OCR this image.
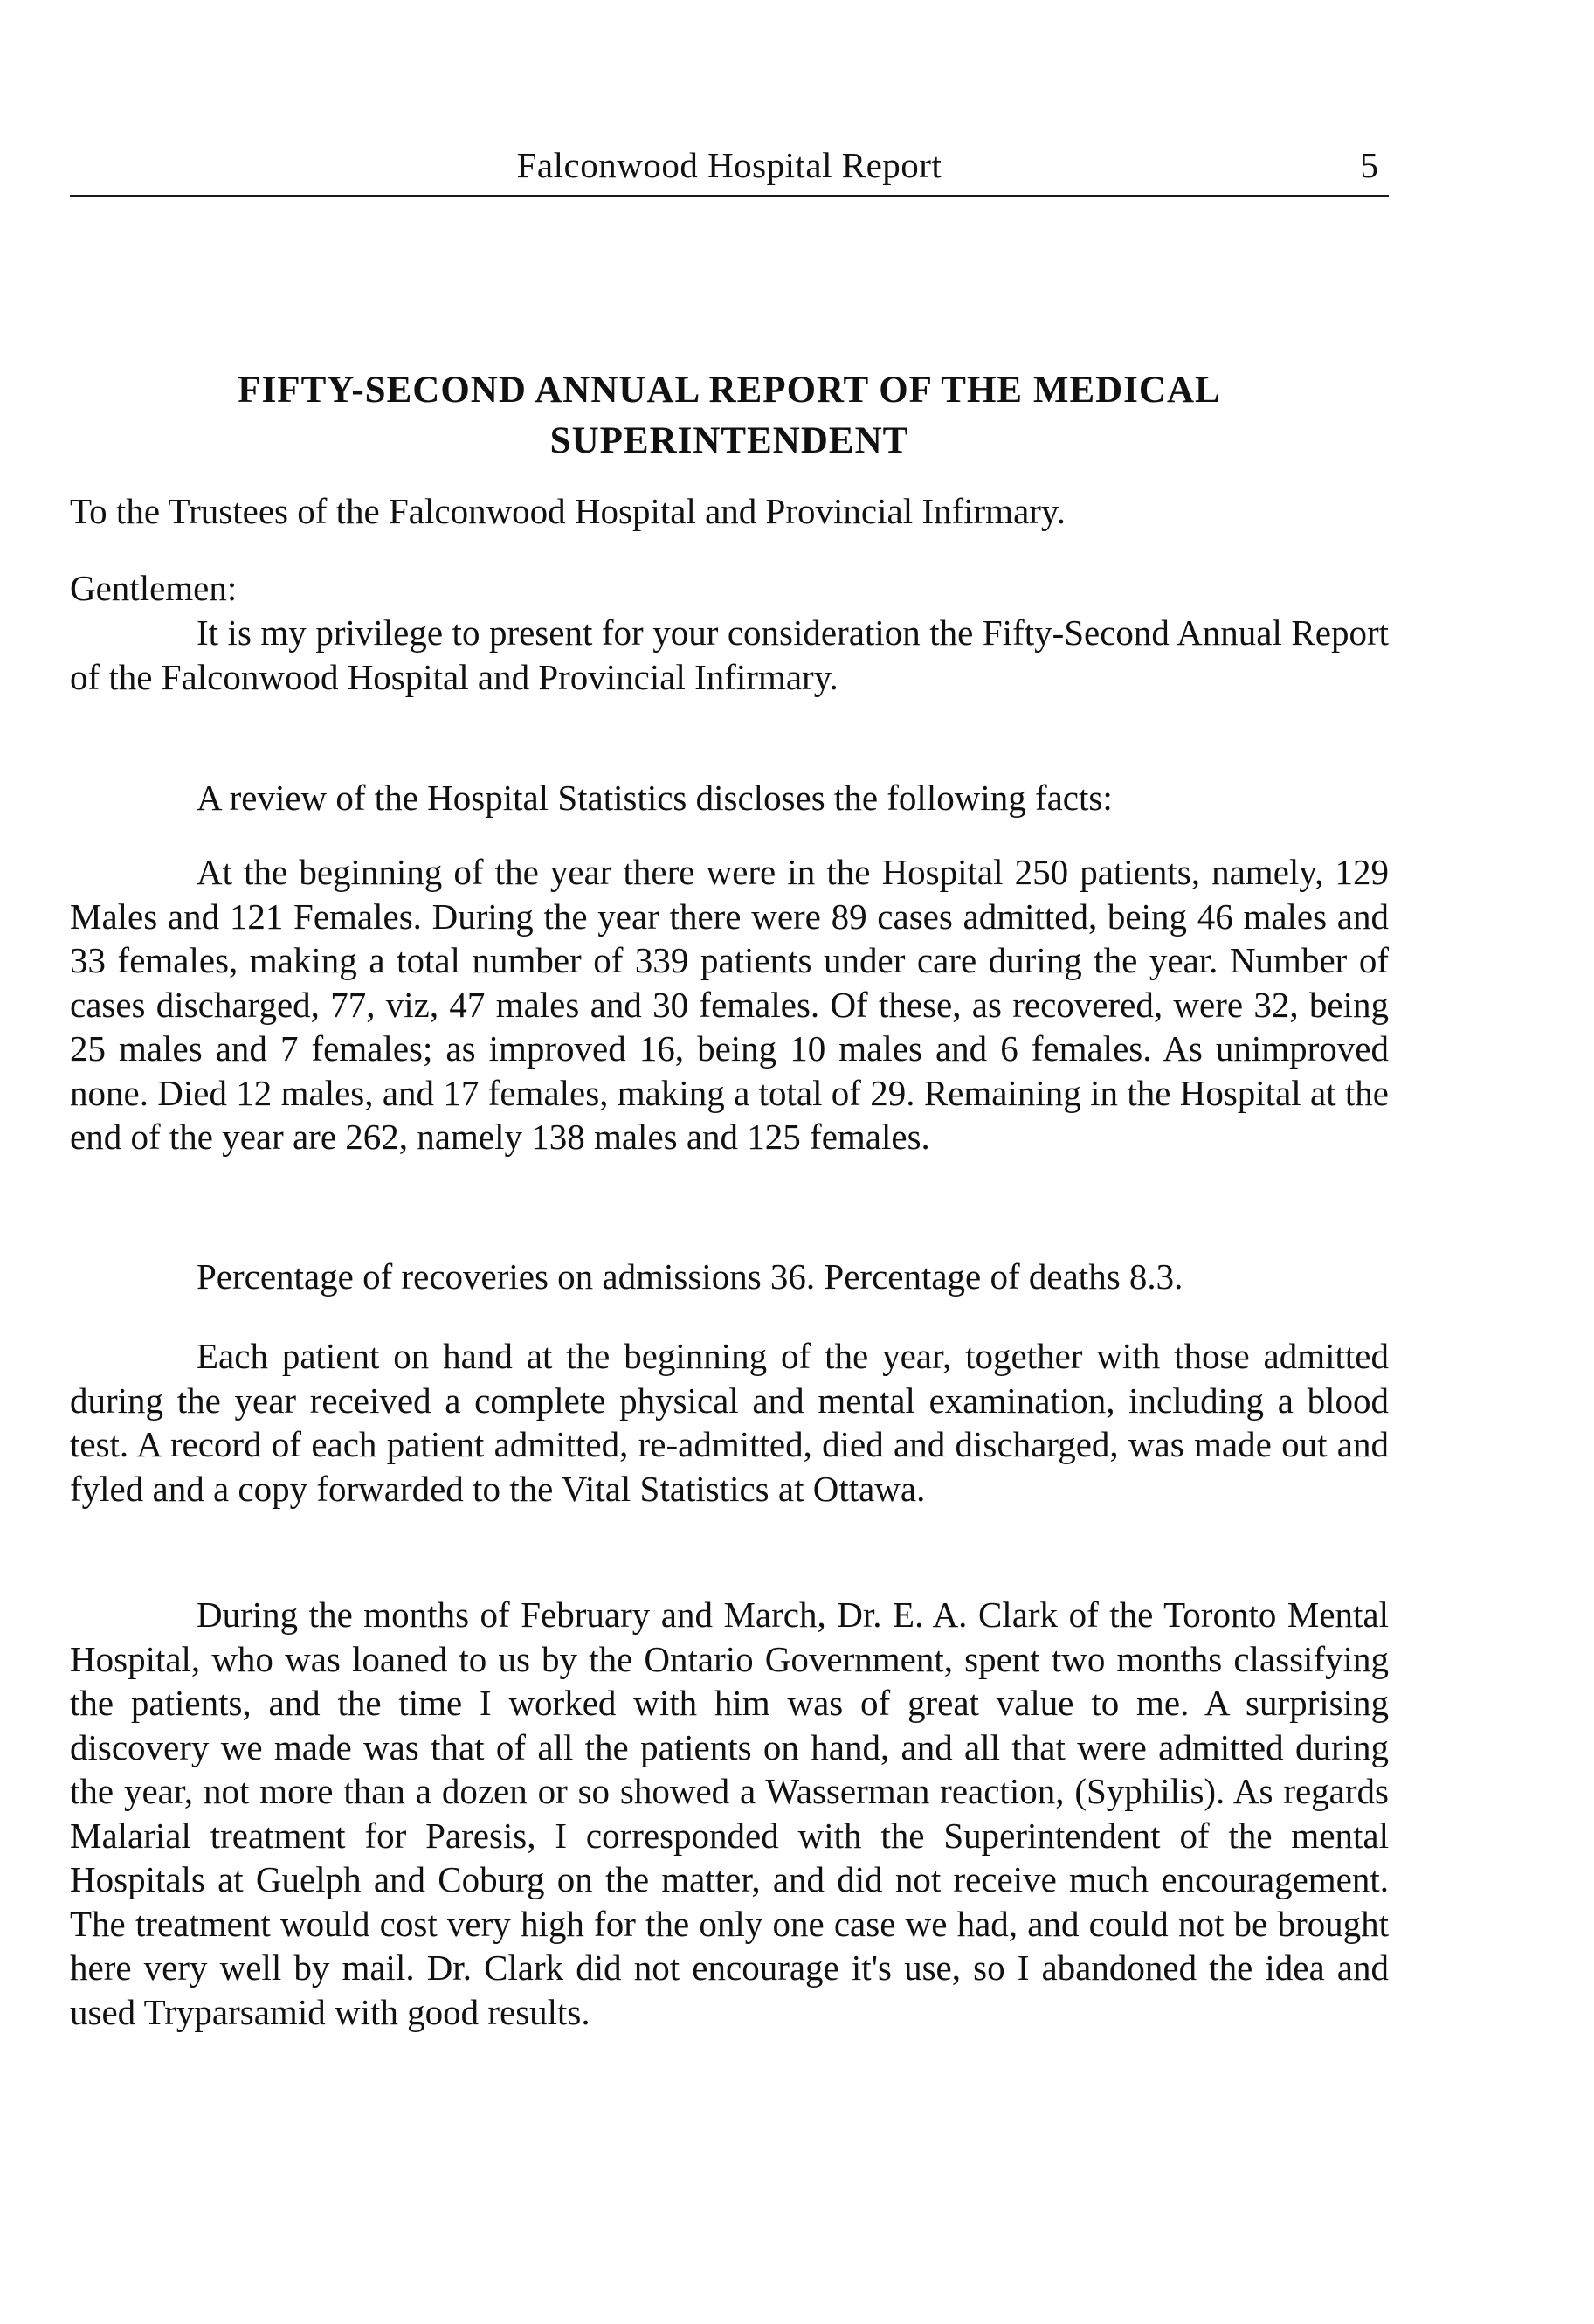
Falconwood Hospital Report	5
FIFTY-SECOND ANNUAL REPORT OF THE MEDICAL
SUPERINTENDENT
To the Trustees of the Falconwood Hospital and Provincial Infirmary.
Gentlemen:
It is my privilege to present for your consideration the Fifty-Second Annual Report of the Falconwood Hospital and Provincial Infirmary.
A review of the Hospital Statistics discloses the following facts:
At the beginning of the year there were in the Hospital 250 patients, namely, 129 Males and 121 Females. During the year there were 89 cases admitted, being 46 males and 33 females, making a total number of 339 patients under care during the year. Number of cases discharged, 77, viz, 47 males and 30 females. Of these, as recovered, were 32, being 25 males and 7 females; as improved 16, being 10 males and 6 females. As unimproved none. Died 12 males, and 17 females, making a total of 29. Remaining in the Hospital at the end of the year are 262, namely 138 males and 125 females.
Percentage of recoveries on admissions 36. Percentage of deaths 8.3.
Each patient on hand at the beginning of the year, together with those admitted during the year received a complete physical and mental examination, including a blood test. A record of each patient admitted, re-admitted, died and discharged, was made out and fyled and a copy forwarded to the Vital Statistics at Ottawa.
During the months of February and March, Dr. E. A. Clark of the Toronto Mental Hospital, who was loaned to us by the Ontario Government, spent two months classifying the patients, and the time I worked with him was of great value to me. A surprising discovery we made was that of all the patients on hand, and all that were admitted during the year, not more than a dozen or so showed a Wasserman reaction, (Syphilis). As regards Malarial treatment for Paresis, I corresponded with the Superintendent of the mental Hospitals at Guelph and Coburg on the matter, and did not receive much encouragement. The treatment would cost very high for the only one case we had, and could not be brought here very well by mail. Dr. Clark did not encourage it's use, so I abandoned the idea and used Tryparsamid with good results.
